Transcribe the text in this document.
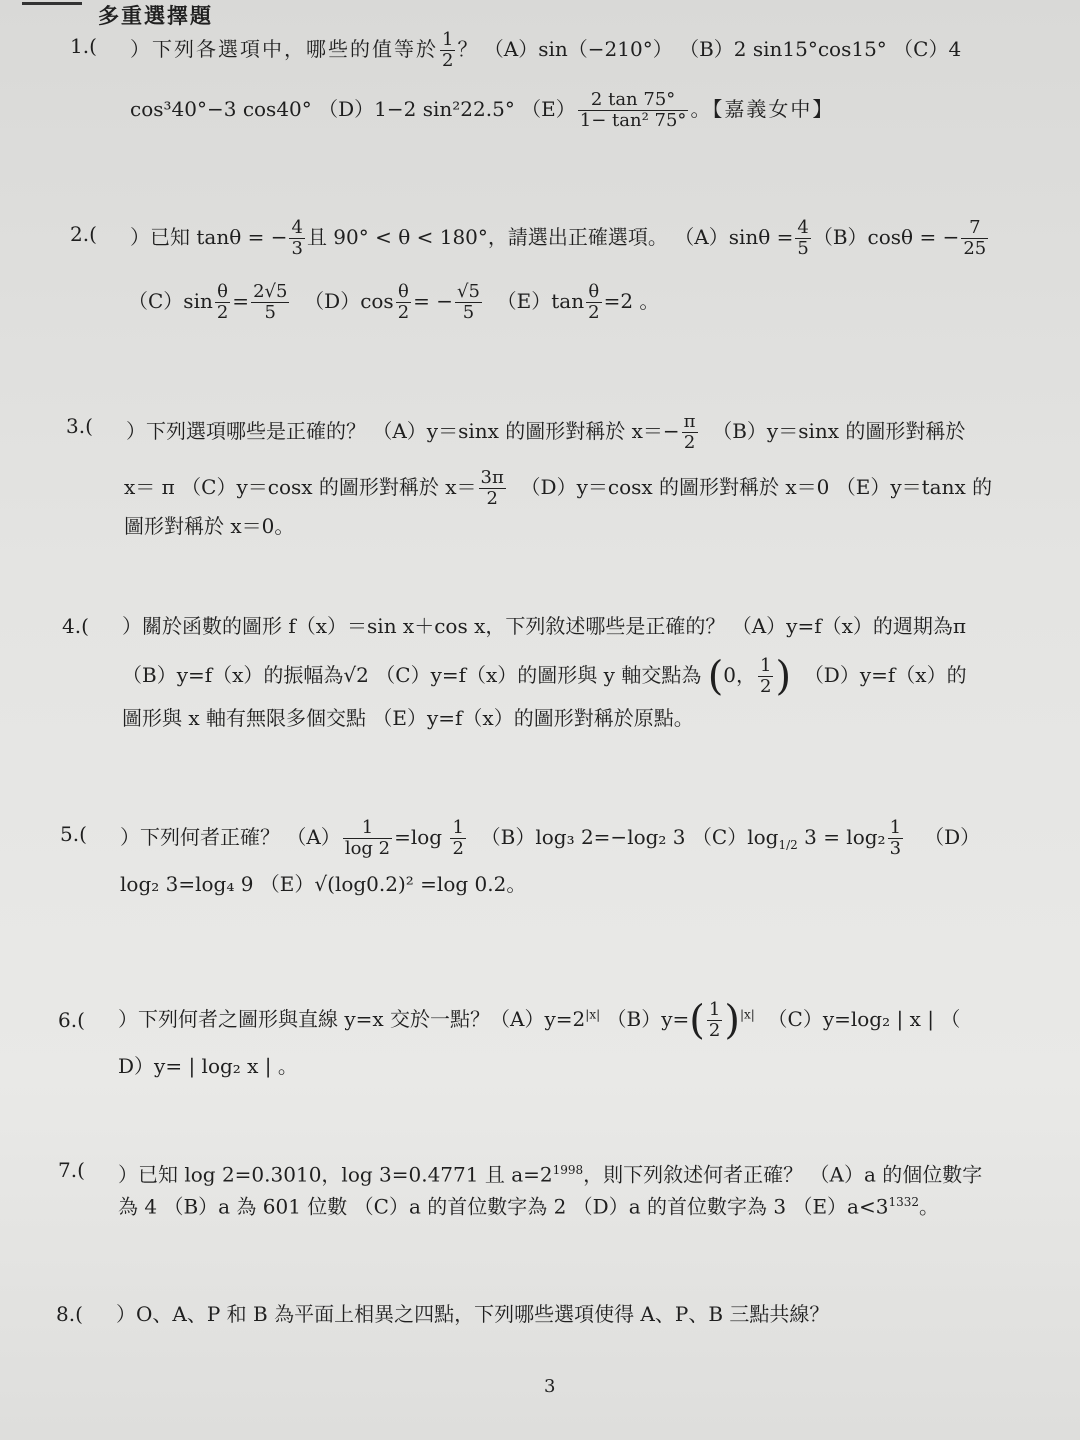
多重選擇題
1.( ）下列各選項中，哪些的值等於 $\frac{1}{2}$ ？ （A）sin（−210°） （B）2 sin15°cos15° （C）4
cos³40°−3 cos40° （D）1−2 sin²22.5° $(E) \frac{2 \tan 75^\circ}{\text{1− tan² 75°}}$ 。【嘉義女中】
2.( ）已知 tanθ = − $\frac{4}{3}$ 且 90° < θ < 180°，請選出正確選項。 $(A)\sin\theta = \frac{4}{5} (B)\cos\theta$ = − $\frac{7}{25}$
$(C)\sin \frac{\theta}{2} = \frac{2√5}{5} (D)\cos \frac{\theta}{2}$ = − $\frac{√5}{5} (E)\tan \frac{\theta}{2} =2$ 。
3.( ）下列選項哪些是正確的？ （A）y＝sinx 的圖形對稱於 $x=- \frac{\pi}{2} (B)y=\sin x$ 的圖形對稱於
x＝ π （C）y＝cosx 的圖形對稱於 $x= \frac{3\pi}{2} (D)y=\cos x$ 的圖形對稱於 x＝0 （E）y＝tanx 的
圖形對稱於 x＝0。
4.( ）關於函數的圖形 f（x）＝sin x＋cos x，下列敘述哪些是正確的？ （A）y=f（x）的週期為π
（B）y=f（x）的振幅為√2 （C）y=f（x）的圖形與 y 軸交點為 (0， $\frac{1}{2}$ ) （D）y=f（x）的
圖形與 x 軸有無限多個交點 （E）y=f（x）的圖形對稱於原點。
5.( ）下列何者正確？ $(A) \frac{1}{\log 2} =\log \frac{1}{2} (B)\log_3$ 2=−log₂ 3 $(C)\log_{1/2}$ $3 = \log_2 \frac{1}{3} (D)$
log₂ 3=log₄ 9 （E）√(log0.2)² =log 0.2。
6.( ）下列何者之圖形與直線 y=x 交於一點？$(A)y=2^{|x|}$ $(B)y=( \frac{1}{2} )^{|x|}$ （C）y=log₂ | x | （
D）y= | log₂ x | 。
7.( ）已知 log 2=0.3010，log 3=0.4771 且 $a=2^{1998}$，則下列敘述何者正確？ （A）a 的個位數字
為 4 （B）a 為 601 位數 （C）a 的首位數字為 2 （D）a 的首位數字為 3 $(E)a<3^{1332}$。
8.( ）O、A、P 和 B 為平面上相異之四點，下列哪些選項使得 A、P、B 三點共線？
3
